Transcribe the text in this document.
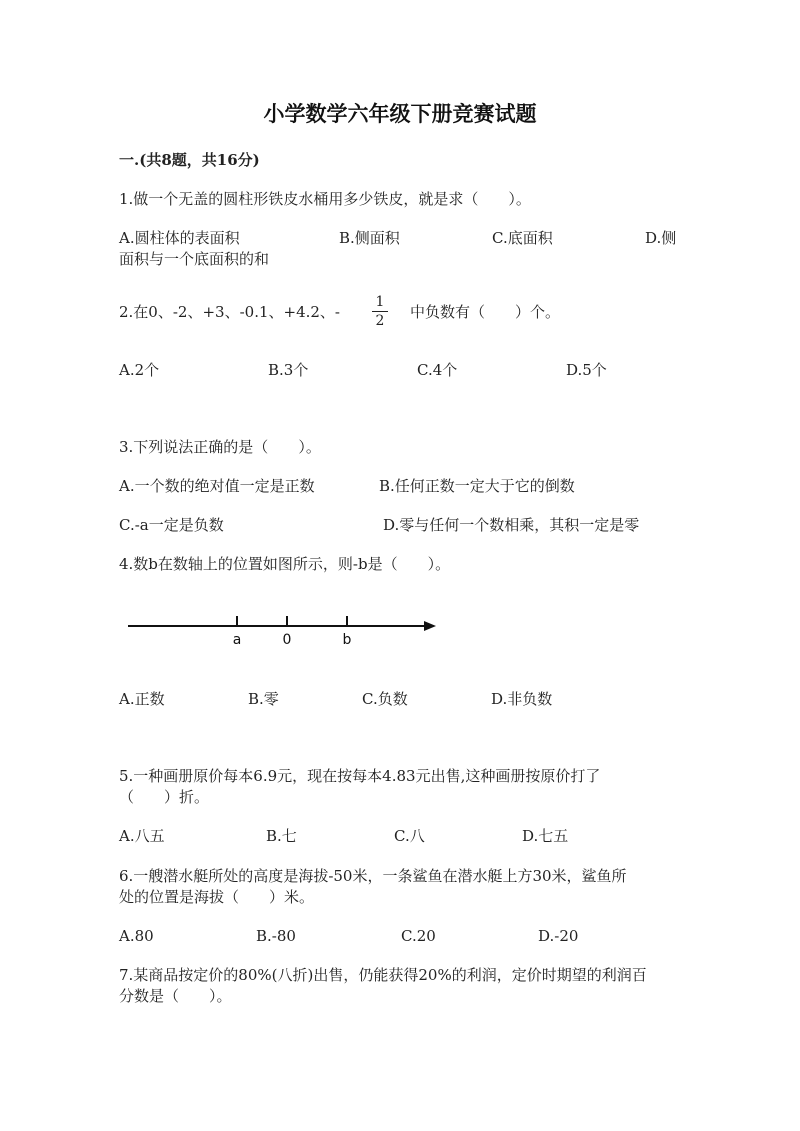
小学数学六年级下册竞赛试题
一.(共8题，共16分)
1.做一个无盖的圆柱形铁皮水桶用多少铁皮，就是求（　　）。
A.圆柱体的表面积	B.侧面积	C.底面积	D.侧
面积与一个底面积的和
2.在0、-2、+3、-0.1、+4.2、-
1
2	中负数有（　　）个。
A.2个	B.3个	C.4个	D.5个
3.下列说法正确的是（　　）。
A.一个数的绝对值一定是正数	B.任何正数一定大于它的倒数
C.-a一定是负数	D.零与任何一个数相乘，其积一定是零
4.数b在数轴上的位置如图所示，则-b是（　　）。
a	0	b
A.正数	B.零	C.负数	D.非负数
5.一种画册原价每本6.9元，现在按每本4.83元出售,这种画册按原价打了
（　　）折。
A.八五	B.七	C.八	D.七五
6.一艘潜水艇所处的高度是海拔-50米，一条鲨鱼在潜水艇上方30米，鲨鱼所
处的位置是海拔（　　）米。
A.80	B.-80	C.20	D.-20
7.某商品按定价的80%(八折)出售，仍能获得20%的利润，定价时期望的利润百
分数是（　　）。
